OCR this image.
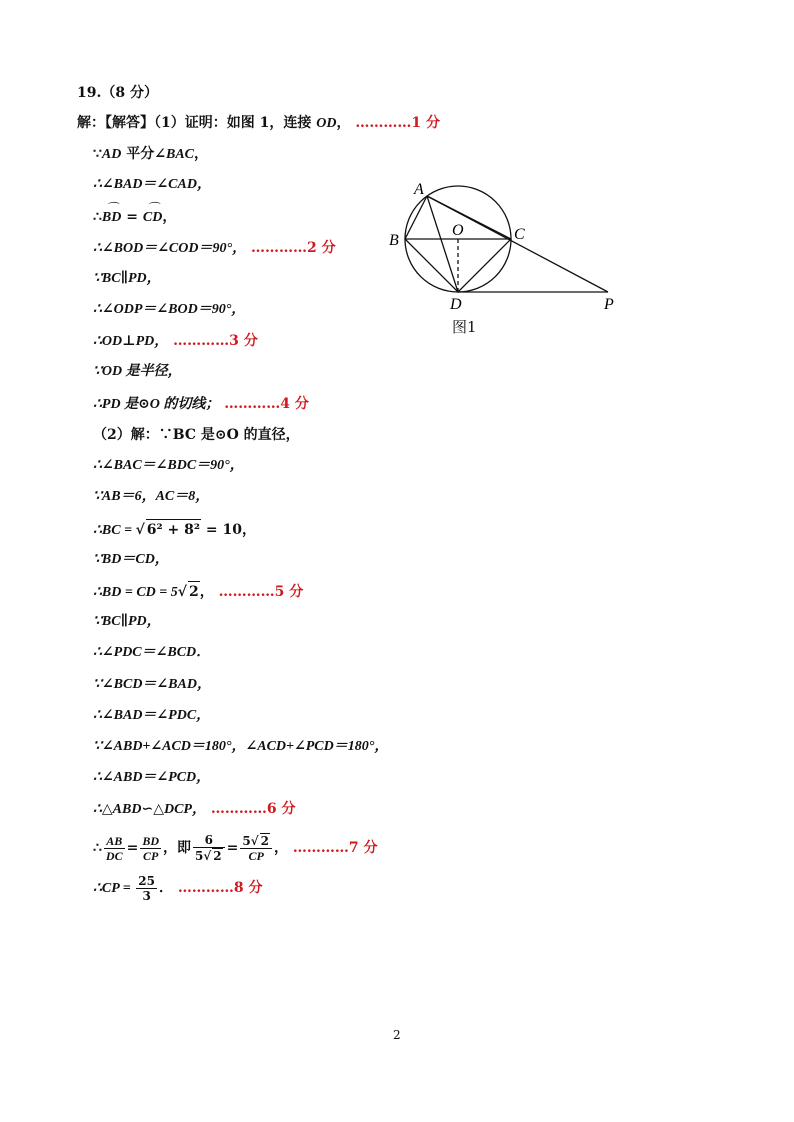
19.（8 分）
解：【解答】（1）证明：如图 1，连接 OD， …………1 分
∵AD 平分∠BAC，
∴∠BAD＝∠CAD，
∴⌒ BD = ⌒ CD，
∴∠BOD＝∠COD＝90°， …………2 分
∵BC∥PD，
∴∠ODP＝∠BOD＝90°，
∴OD⊥PD， …………3 分
∵OD 是半径，
∴PD 是⊙O 的切线； …………4 分
（2）解：∵BC 是⊙O 的直径，
∴∠BAC＝∠BDC＝90°，
∵AB＝6，AC＝8，
∴BC = √ 6² + 8² = 10，
∵BD＝CD，
∴BD = CD = 5√ 2， …………5 分
∵BC∥PD，
∴∠PDC＝∠BCD．
∵∠BCD＝∠BAD，
∴∠BAD＝∠PDC，
∵∠ABD+∠ACD＝180°，∠ACD+∠PCD＝180°，
∴∠ABD＝∠PCD，
∴△ABD∽△DCP， …………6 分
∴ $\frac{AB}{DC} = \frac{BD}{CP}$ ，即 $\frac{6}{5√ 2} = \frac{5√ 2}{CP}$ ， …………7 分
∴CP = $\frac{25}{3}$ ． …………8 分
A
B	C
O
D	P
图1
2
